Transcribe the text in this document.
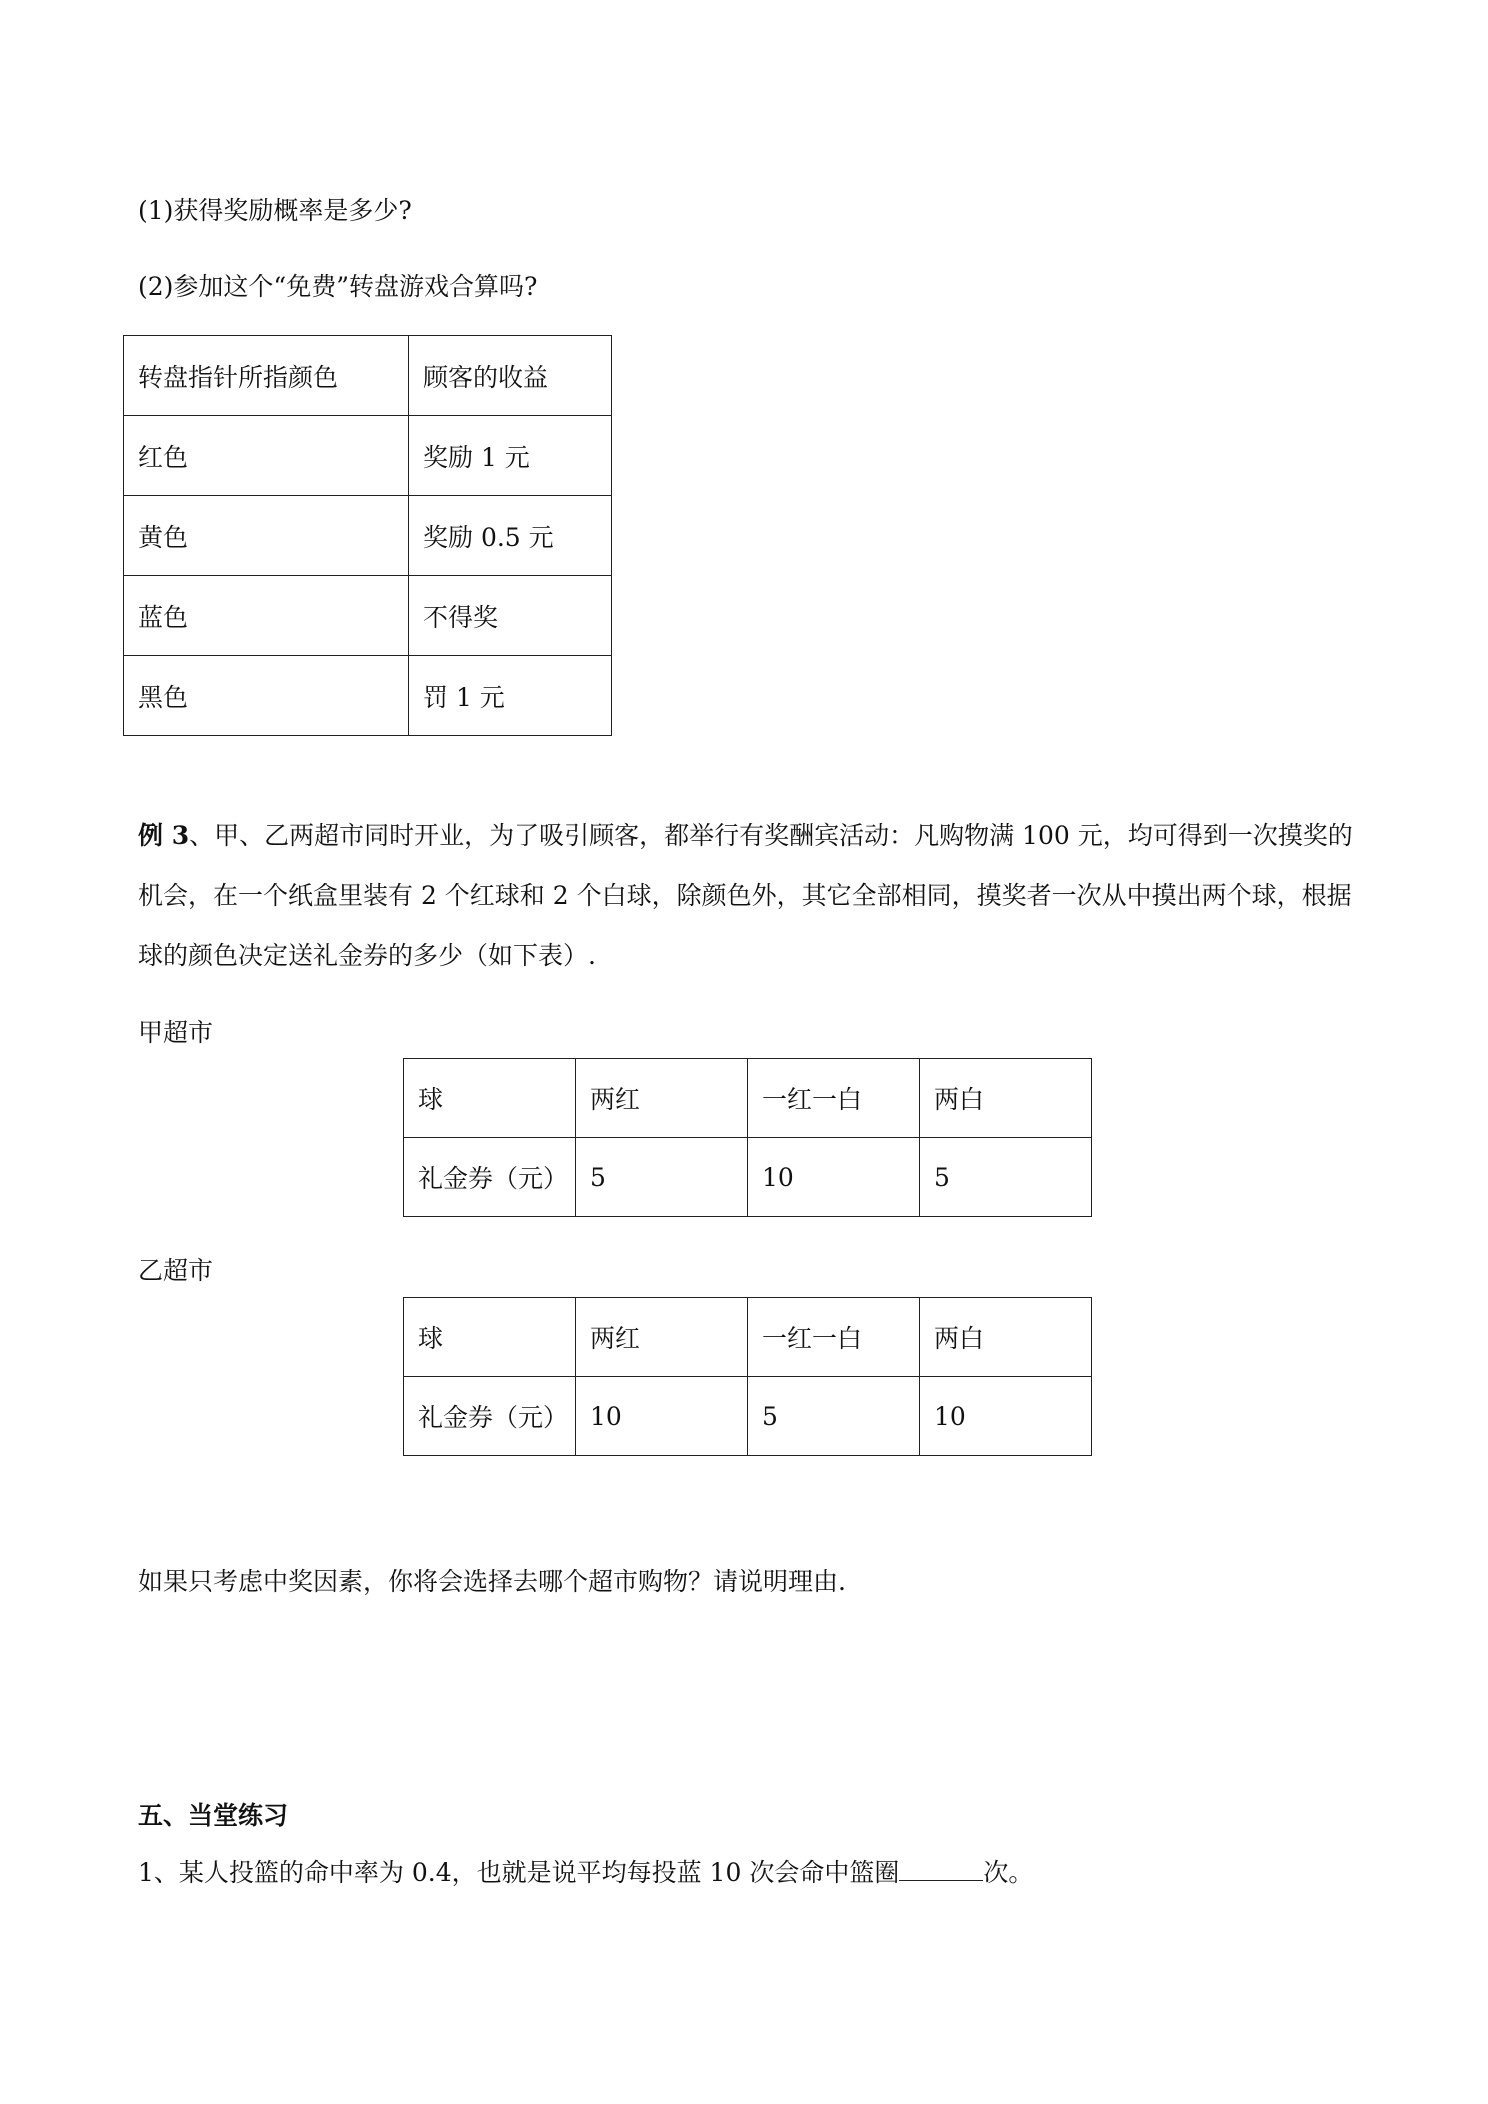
(1)获得奖励概率是多少?
(2)参加这个“免费”转盘游戏合算吗?
转盘指针所指颜色	顾客的收益
红色	奖励 1 元
黄色	奖励 0.5 元
蓝色	不得奖
黑色	罚 1 元
例 3、甲、乙两超市同时开业，为了吸引顾客，都举行有奖酬宾活动：凡购物满 100 元，均可得到一次摸奖的机会，在一个纸盒里装有 2 个红球和 2 个白球，除颜色外，其它全部相同，摸奖者一次从中摸出两个球，根据球的颜色决定送礼金券的多少（如下表）.
甲超市
球	两红	一红一白	两白
礼金券（元）	5	10	5
乙超市
球	两红	一红一白	两白
礼金券（元）	10	5	10
如果只考虑中奖因素，你将会选择去哪个超市购物？请说明理由.
五、当堂练习
1、某人投篮的命中率为 0.4，也就是说平均每投蓝 10 次会命中篮圈	次。
